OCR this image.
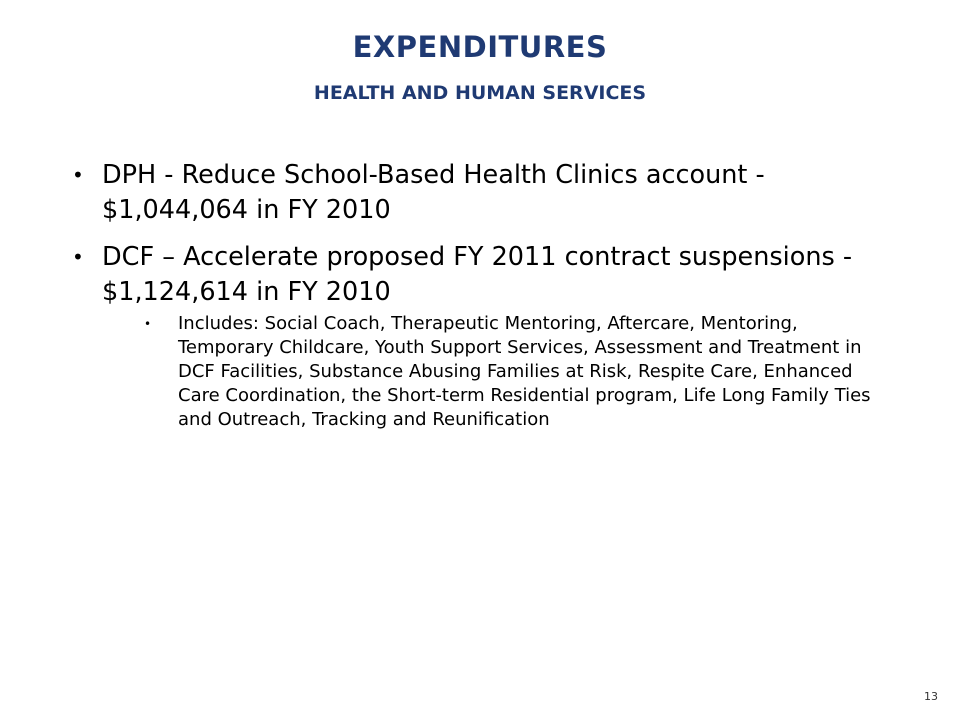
EXPENDITURES
HEALTH AND HUMAN SERVICES
• DPH - Reduce School-Based Health Clinics account - $1,044,064 in FY 2010
• DCF – Accelerate proposed FY 2011 contract suspensions - $1,124,614 in FY 2010
• Includes: Social Coach, Therapeutic Mentoring, Aftercare, Mentoring, Temporary Childcare, Youth Support Services, Assessment and Treatment in DCF Facilities, Substance Abusing Families at Risk, Respite Care, Enhanced Care Coordination, the Short-term Residential program, Life Long Family Ties and Outreach, Tracking and Reunification
13
